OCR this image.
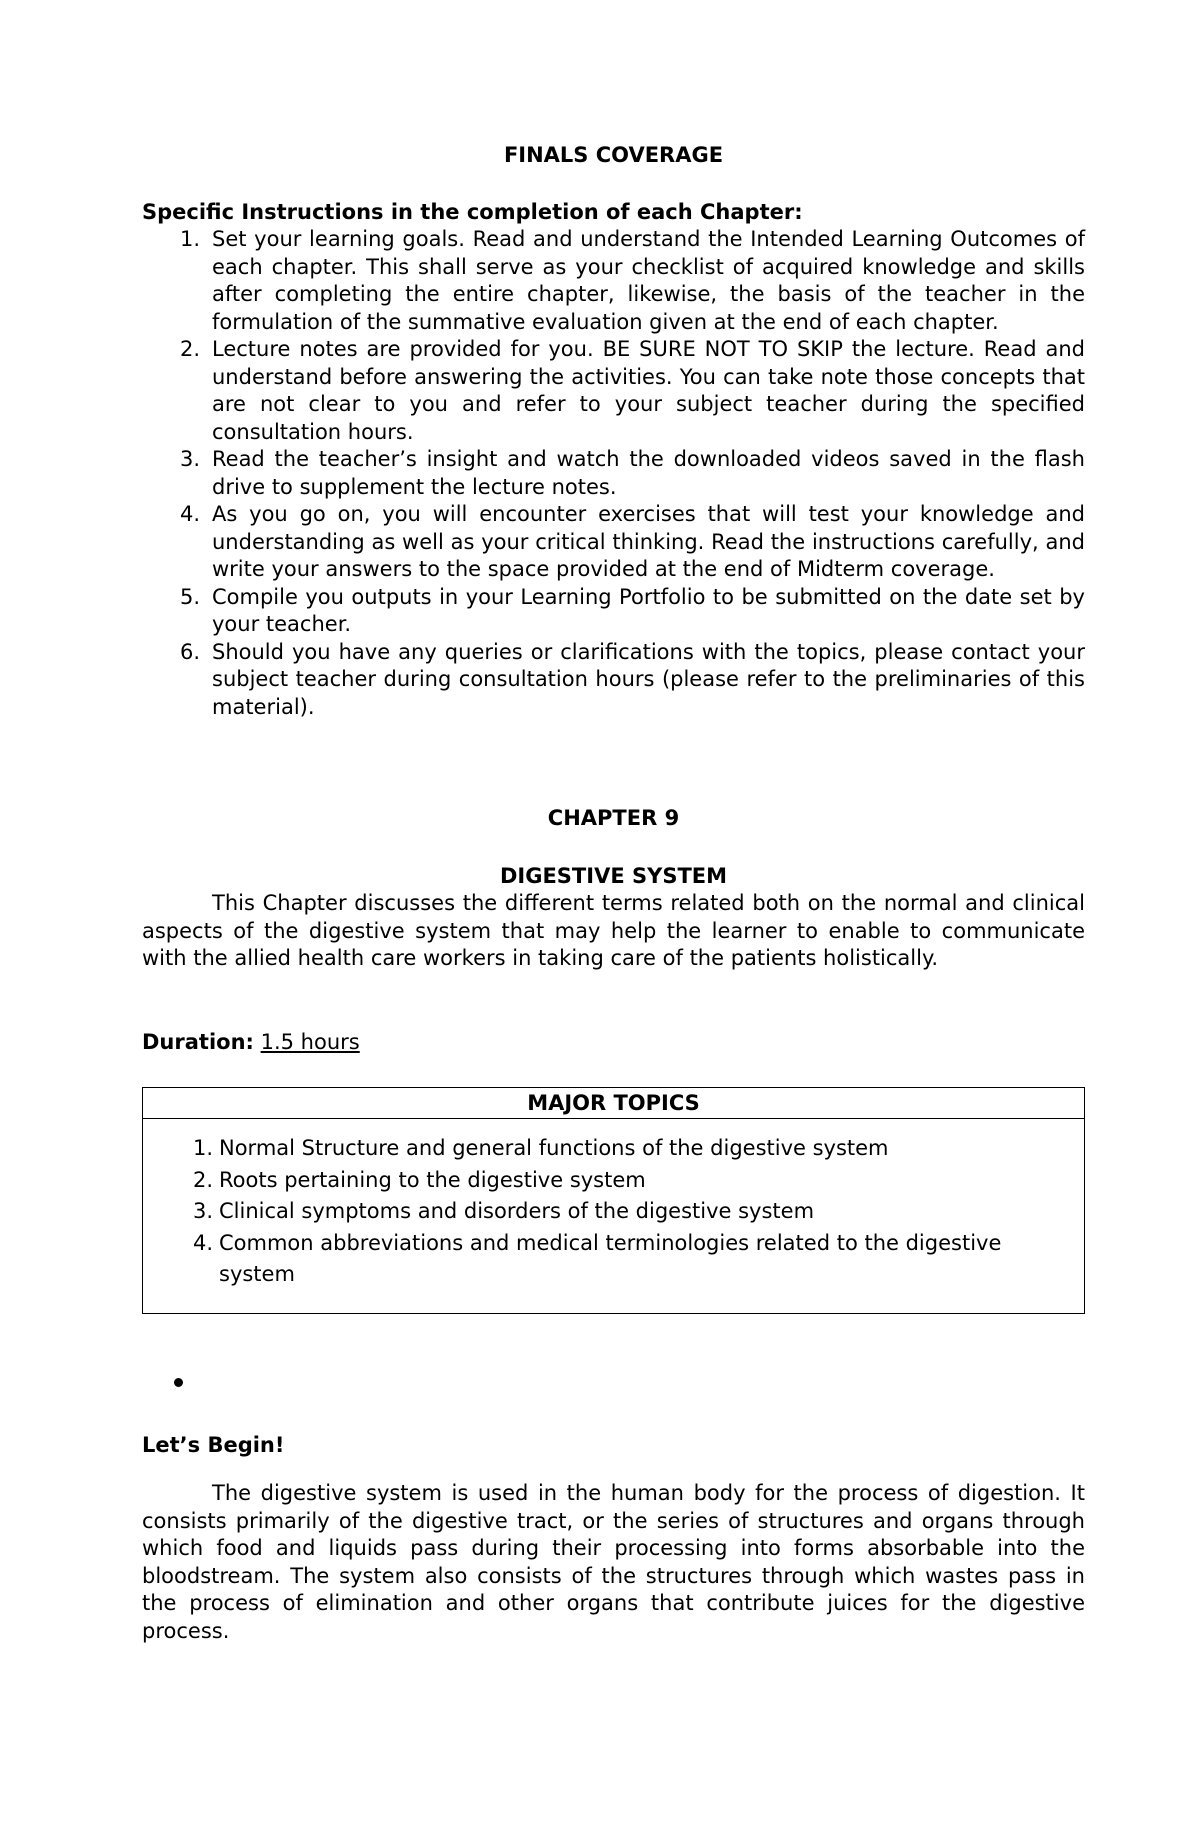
FINALS COVERAGE
Specific Instructions in the completion of each Chapter:
1. Set your learning goals. Read and understand the Intended Learning Outcomes of each chapter. This shall serve as your checklist of acquired knowledge and skills after completing the entire chapter, likewise, the basis of the teacher in the formulation of the summative evaluation given at the end of each chapter.
2. Lecture notes are provided for you. BE SURE NOT TO SKIP the lecture. Read and understand before answering the activities. You can take note those concepts that are not clear to you and refer to your subject teacher during the specified consultation hours.
3. Read the teacher’s insight and watch the downloaded videos saved in the flash drive to supplement the lecture notes.
4. As you go on, you will encounter exercises that will test your knowledge and understanding as well as your critical thinking. Read the instructions carefully, and write your answers to the space provided at the end of Midterm coverage.
5. Compile you outputs in your Learning Portfolio to be submitted on the date set by your teacher.
6. Should you have any queries or clarifications with the topics, please contact your subject teacher during consultation hours (please refer to the preliminaries of this material).
CHAPTER 9
DIGESTIVE SYSTEM
This Chapter discusses the different terms related both on the normal and clinical aspects of the digestive system that may help the learner to enable to communicate with the allied health care workers in taking care of the patients holistically.
Duration: 1.5 hours
MAJOR TOPICS
1. Normal Structure and general functions of the digestive system
2. Roots pertaining to the digestive system
3. Clinical symptoms and disorders of the digestive system
4. Common abbreviations and medical terminologies related to the digestive system
Let’s Begin!
The digestive system is used in the human body for the process of digestion. It consists primarily of the digestive tract, or the series of structures and organs through which food and liquids pass during their processing into forms absorbable into the bloodstream. The system also consists of the structures through which wastes pass in the process of elimination and other organs that contribute juices for the digestive process.
